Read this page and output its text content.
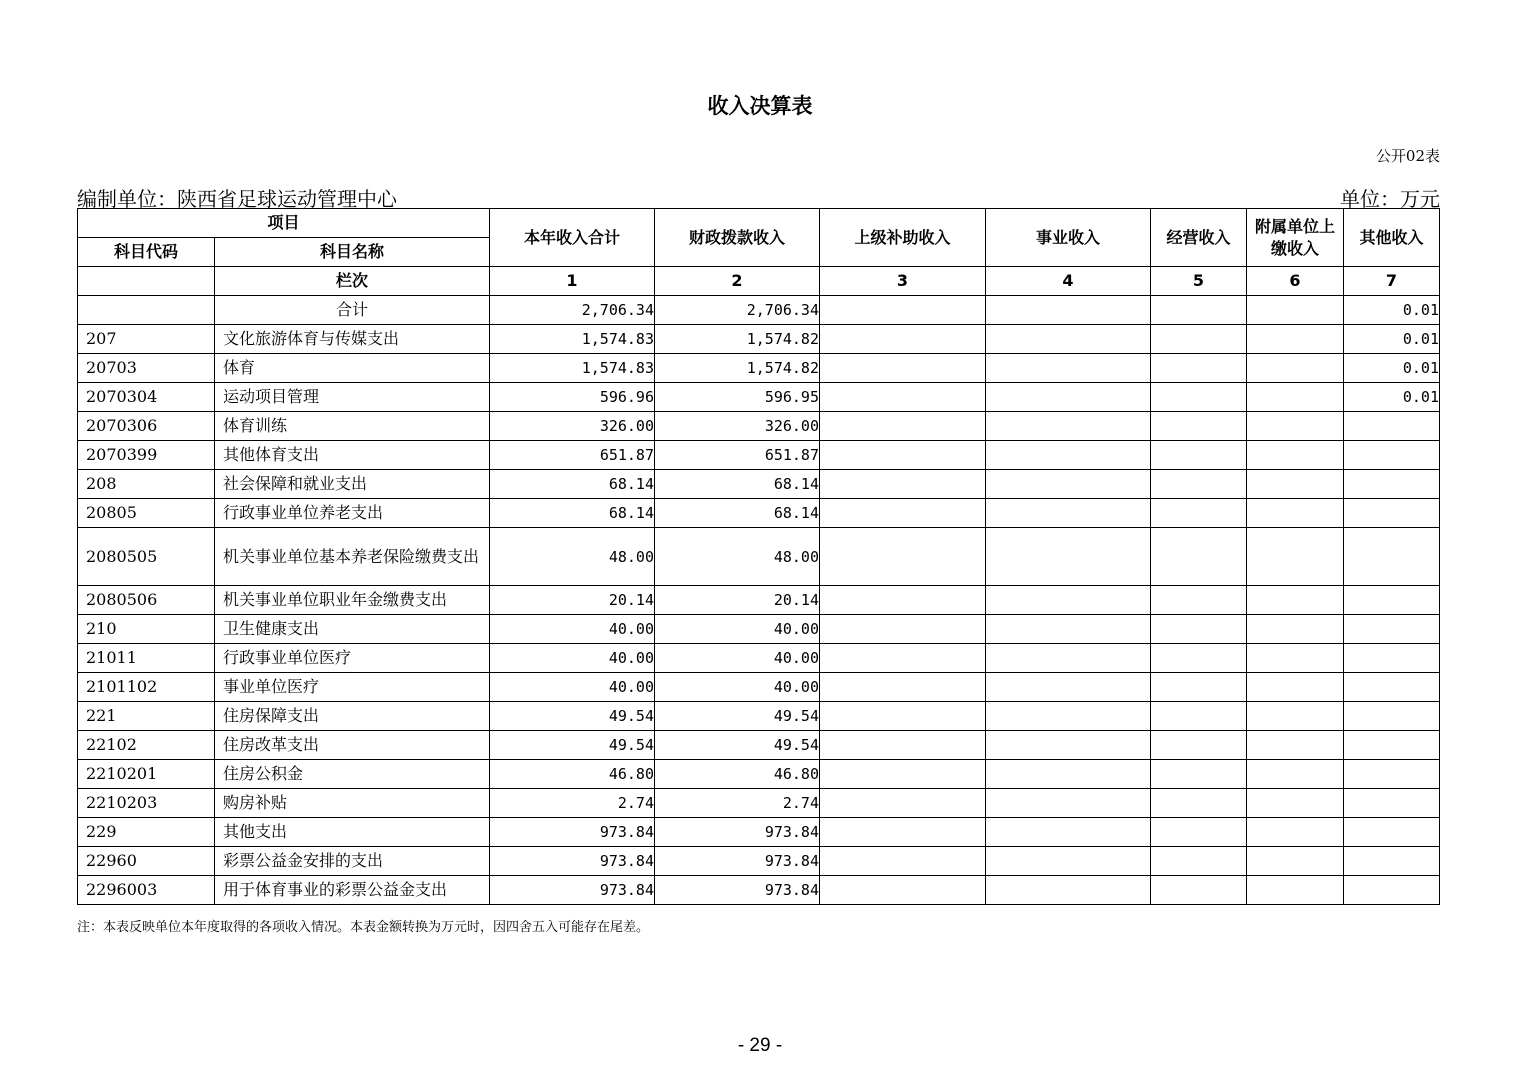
收入决算表
公开02表
编制单位：陕西省足球运动管理中心	单位：万元
项目		本年收入合计	财政拨款收入	上级补助收入	事业收入	经营收入	附属单位上缴收入	其他收入
科目代码	科目名称							
	栏次	1	2	3	4	5	6	7
	合计	2,706.34	2,706.34					0.01
207	文化旅游体育与传媒支出	1,574.83	1,574.82					0.01
20703	体育	1,574.83	1,574.82					0.01
2070304	运动项目管理	596.96	596.95					0.01
2070306	体育训练	326.00	326.00					
2070399	其他体育支出	651.87	651.87					
208	社会保障和就业支出	68.14	68.14					
20805	行政事业单位养老支出	68.14	68.14					
2080505	机关事业单位基本养老保险缴费支出	48.00	48.00					
2080506	机关事业单位职业年金缴费支出	20.14	20.14					
210	卫生健康支出	40.00	40.00					
21011	行政事业单位医疗	40.00	40.00					
2101102	事业单位医疗	40.00	40.00					
221	住房保障支出	49.54	49.54					
22102	住房改革支出	49.54	49.54					
2210201	住房公积金	46.80	46.80					
2210203	购房补贴	2.74	2.74					
229	其他支出	973.84	973.84					
22960	彩票公益金安排的支出	973.84	973.84					
2296003	用于体育事业的彩票公益金支出	973.84	973.84					
注：本表反映单位本年度取得的各项收入情况。本表金额转换为万元时，因四舍五入可能存在尾差。
- 29 -
